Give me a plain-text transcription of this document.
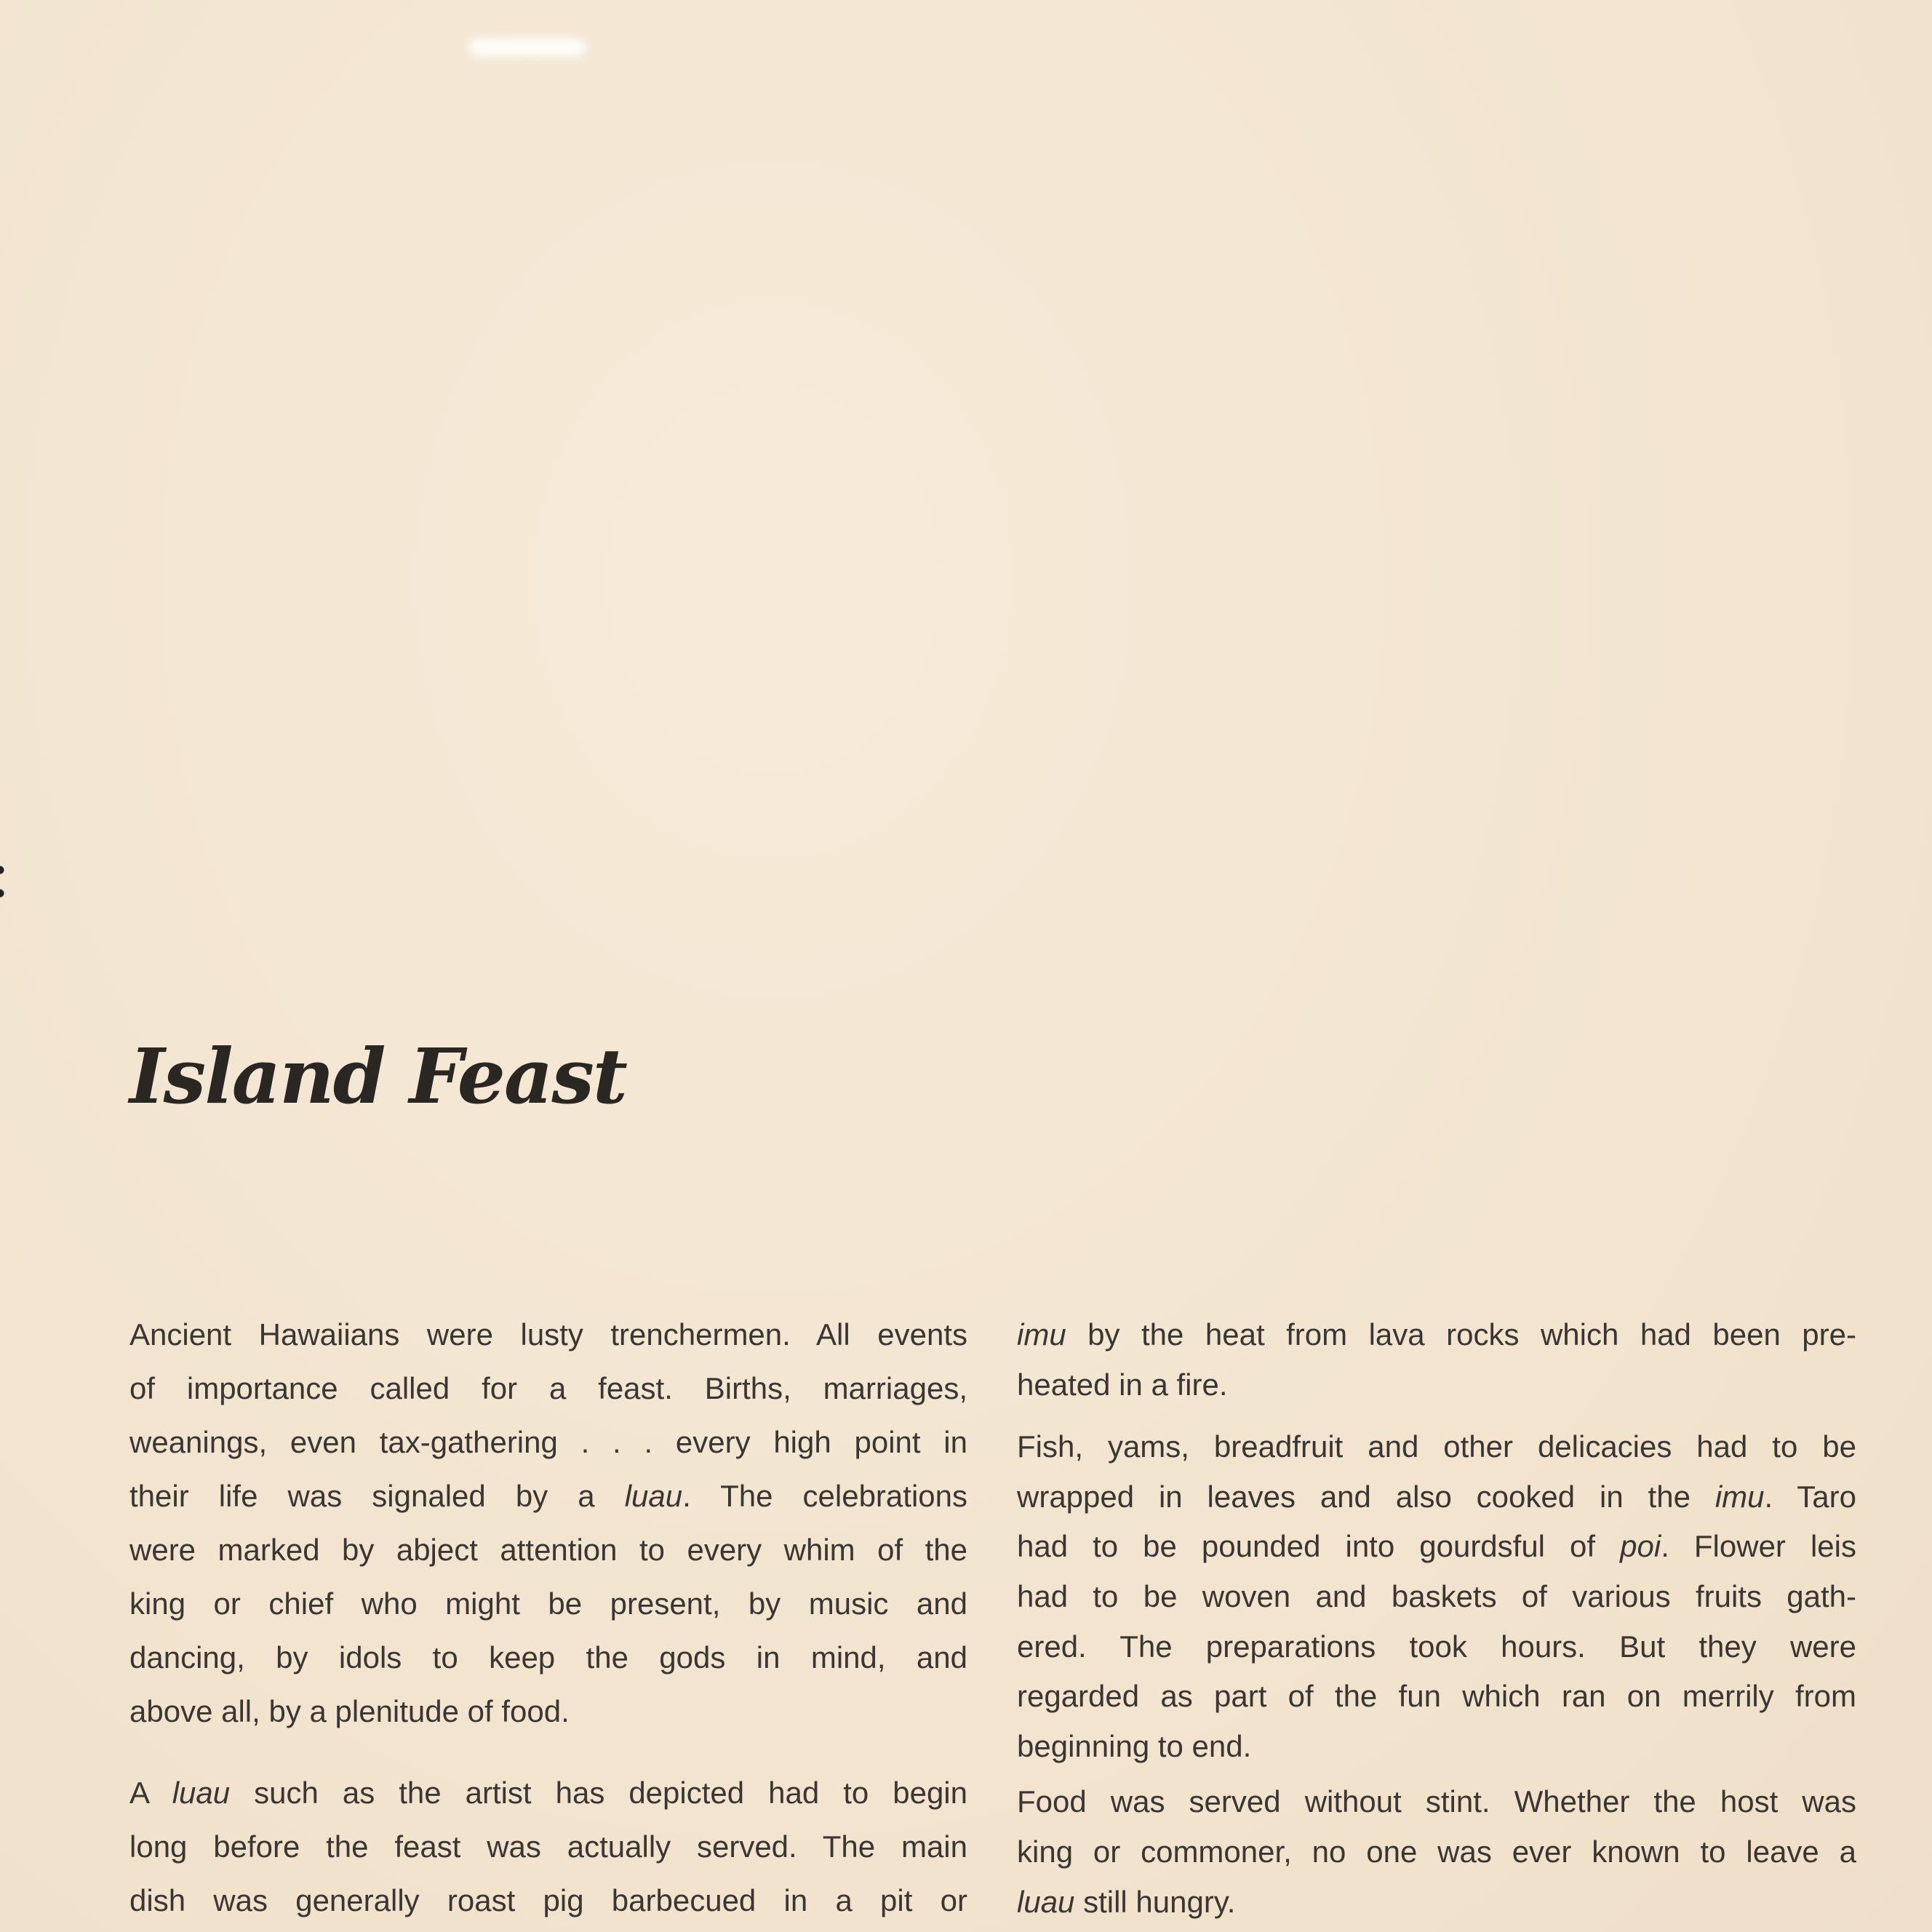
Island Feast
Ancient Hawaiians were lusty trenchermen. All events
of importance called for a feast. Births, marriages,
weanings, even tax-gathering . . . every high point in
their life was signaled by a luau. The celebrations
were marked by abject attention to every whim of the
king or chief who might be present, by music and
dancing, by idols to keep the gods in mind, and
above all, by a plenitude of food.
A luau such as the artist has depicted had to begin
long before the feast was actually served. The main
dish was generally roast pig barbecued in a pit or
imu by the heat from lava rocks which had been pre-
heated in a fire.
Fish, yams, breadfruit and other delicacies had to be
wrapped in leaves and also cooked in the imu. Taro
had to be pounded into gourdsful of poi. Flower leis
had to be woven and baskets of various fruits gath-
ered. The preparations took hours. But they were
regarded as part of the fun which ran on merrily from
beginning to end.
Food was served without stint. Whether the host was
king or commoner, no one was ever known to leave a
luau still hungry.
